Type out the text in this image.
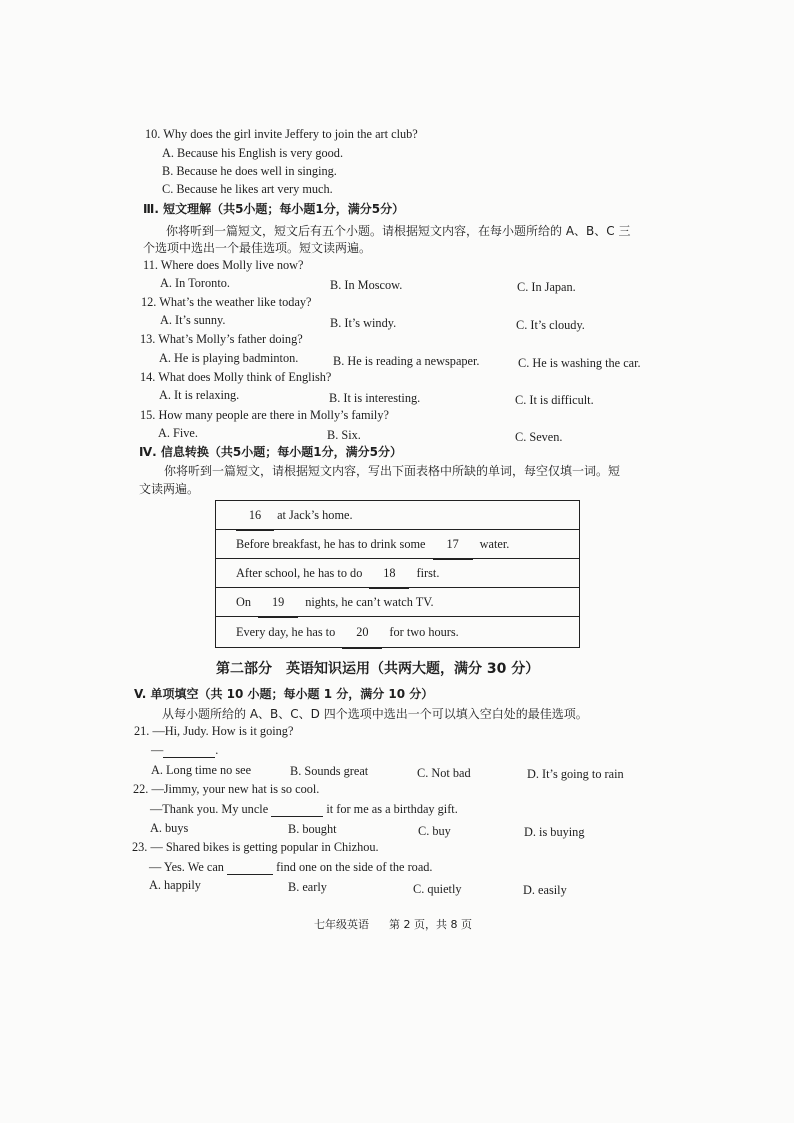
10. Why does the girl invite Jeffery to join the art club?
A. Because his English is very good.
B. Because he does well in singing.
C. Because he likes art very much.
Ⅲ. 短文理解（共5小题；每小题1分，满分5分）
你将听到一篇短文，短文后有五个小题。请根据短文内容，在每小题所给的 A、B、C 三
个选项中选出一个最佳选项。短文读两遍。
11. Where does Molly live now?
A. In Toronto.	B. In Moscow.	C. In Japan.
12. What’s the weather like today?
A. It’s sunny.	B. It’s windy.	C. It’s cloudy.
13. What’s Molly’s father doing?
A. He is playing badminton.	B. He is reading a newspaper.	C. He is washing the car.
14. What does Molly think of English?
A. It is relaxing.	B. It is interesting.	C. It is difficult.
15. How many people are there in Molly’s family?
A. Five.	B. Six.	C. Seven.
Ⅳ. 信息转换（共5小题；每小题1分，满分5分）
你将听到一篇短文，请根据短文内容，写出下面表格中所缺的单词，每空仅填一词。短
文读两遍。
16 at Jack’s home.
Before breakfast, he has to drink some 17 water.
After school, he has to do 18 first.
On 19 nights, he can’t watch TV.
Every day, he has to 20 for two hours.
第二部分　英语知识运用（共两大题，满分 30 分）
V. 单项填空（共 10 小题；每小题 1 分，满分 10 分）
从每小题所给的 A、B、C、D 四个选项中选出一个可以填入空白处的最佳选项。
21. —Hi, Judy. How is it going?
—	.
A. Long time no see	B. Sounds great	C. Not bad	D. It’s going to rain
22. —Jimmy, your new hat is so cool.
—Thank you. My uncle	it for me as a birthday gift.
A. buys	B. bought	C. buy	D. is buying
23. — Shared bikes is getting popular in Chizhou.
— Yes. We can	find one on the side of the road.
A. happily	B. early	C. quietly	D. easily
七年级英语 第 2 页，共 8 页
